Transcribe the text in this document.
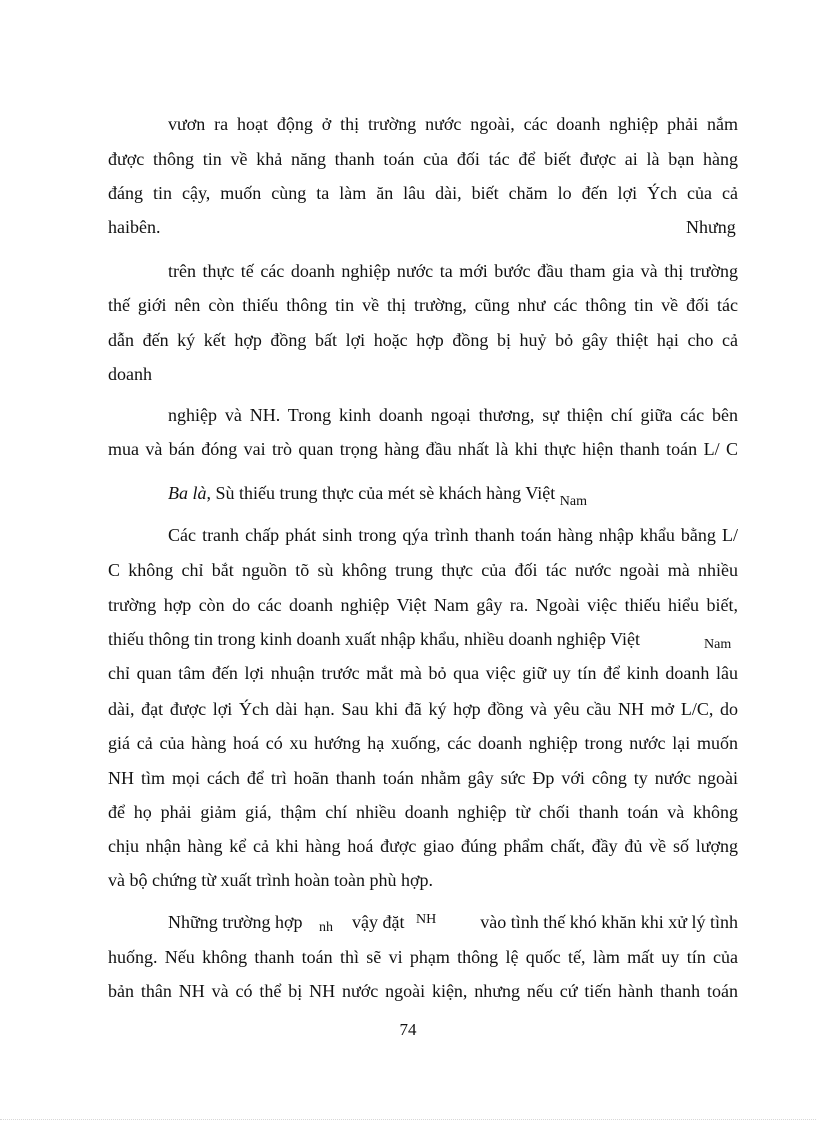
vươn ra hoạt động ở thị trường nước ngoài, các doanh nghiệp phải nắm
được thông tin về khả năng thanh toán của đối tác để biết được ai là bạn hàng
đáng tin cậy, muốn cùng ta làm ăn lâu dài, biết chăm lo đến lợi Ých của cả
haibên.	Nhưng
trên thực tế các doanh nghiệp nước ta mới bước đầu tham gia và thị trường
thế giới nên còn thiếu thông tin về thị trường, cũng như các thông tin về đối tác
dẫn đến ký kết hợp đồng bất lợi hoặc hợp đồng bị huỷ bỏ gây thiệt hại cho cả
doanh
nghiệp và NH. Trong kinh doanh ngoại thương, sự thiện chí giữa các bên
mua và bán đóng vai trò quan trọng hàng đầu nhất là khi thực hiện thanh toán L/ C
Ba là, Sù thiếu trung thực của mét sè khách hàng Việt $_{Nam}$
Các tranh chấp phát sinh trong qýa trình thanh toán hàng nhập khẩu bằng L/
C không chỉ bắt nguồn tõ sù không trung thực của đối tác nước ngoài mà nhiều
trường hợp còn do các doanh nghiệp Việt Nam gây ra. Ngoài việc thiếu hiểu biết,
thiếu thông tin trong kinh doanh xuất nhập khẩu, nhiều doanh nghiệp Việt	Nam
chỉ quan tâm đến lợi nhuận trước mắt mà bỏ qua việc giữ uy tín để kinh doanh lâu
dài, đạt được lợi Ých dài hạn. Sau khi đã ký hợp đồng và yêu cầu NH mở L/C, do
giá cả của hàng hoá có xu hướng hạ xuống, các doanh nghiệp trong nước lại muốn
NH tìm mọi cách để trì hoãn thanh toán nhằm gây sức Ðp với công ty nước ngoài
để họ phải giảm giá, thậm chí nhiều doanh nghiệp từ chối thanh toán và không
chịu nhận hàng kể cả khi hàng hoá được giao đúng phẩm chất, đầy đủ về số lượng
và bộ chứng từ xuất trình hoàn toàn phù hợp.
Những trường hợp nh vậy đặt NH vào tình thế khó khăn khi xử lý tình
huống. Nếu không thanh toán thì sẽ vi phạm thông lệ quốc tế, làm mất uy tín của
bản thân NH và có thể bị NH nước ngoài kiện, nhưng nếu cứ tiến hành thanh toán
74
